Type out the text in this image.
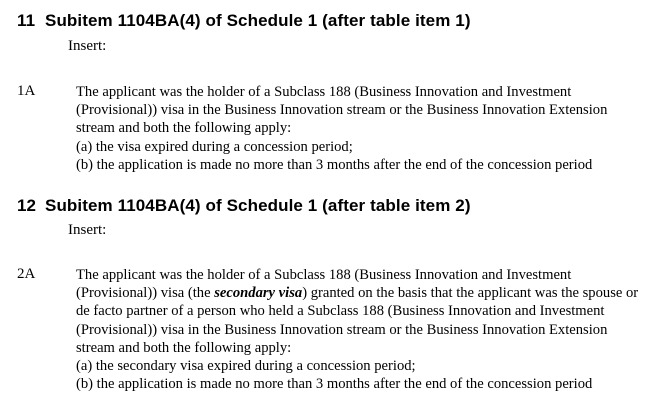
11 Subitem 1104BA(4) of Schedule 1 (after table item 1)
Insert:
1A	The applicant was the holder of a Subclass 188 (Business Innovation and Investment (Provisional)) visa in the Business Innovation stream or the Business Innovation Extension stream and both the following apply:

(a) the visa expired during a concession period;

(b) the application is made no more than 3 months after the end of the concession period

12 Subitem 1104BA(4) of Schedule 1 (after table item 2)
Insert:
2A	The applicant was the holder of a Subclass 188 (Business Innovation and Investment (Provisional)) visa (the secondary visa) granted on the basis that the applicant was the spouse or de facto partner of a person who held a Subclass 188 (Business Innovation and Investment (Provisional)) visa in the Business Innovation stream or the Business Innovation Extension stream and both the following apply:

(a) the secondary visa expired during a concession period;

(b) the application is made no more than 3 months after the end of the concession period
